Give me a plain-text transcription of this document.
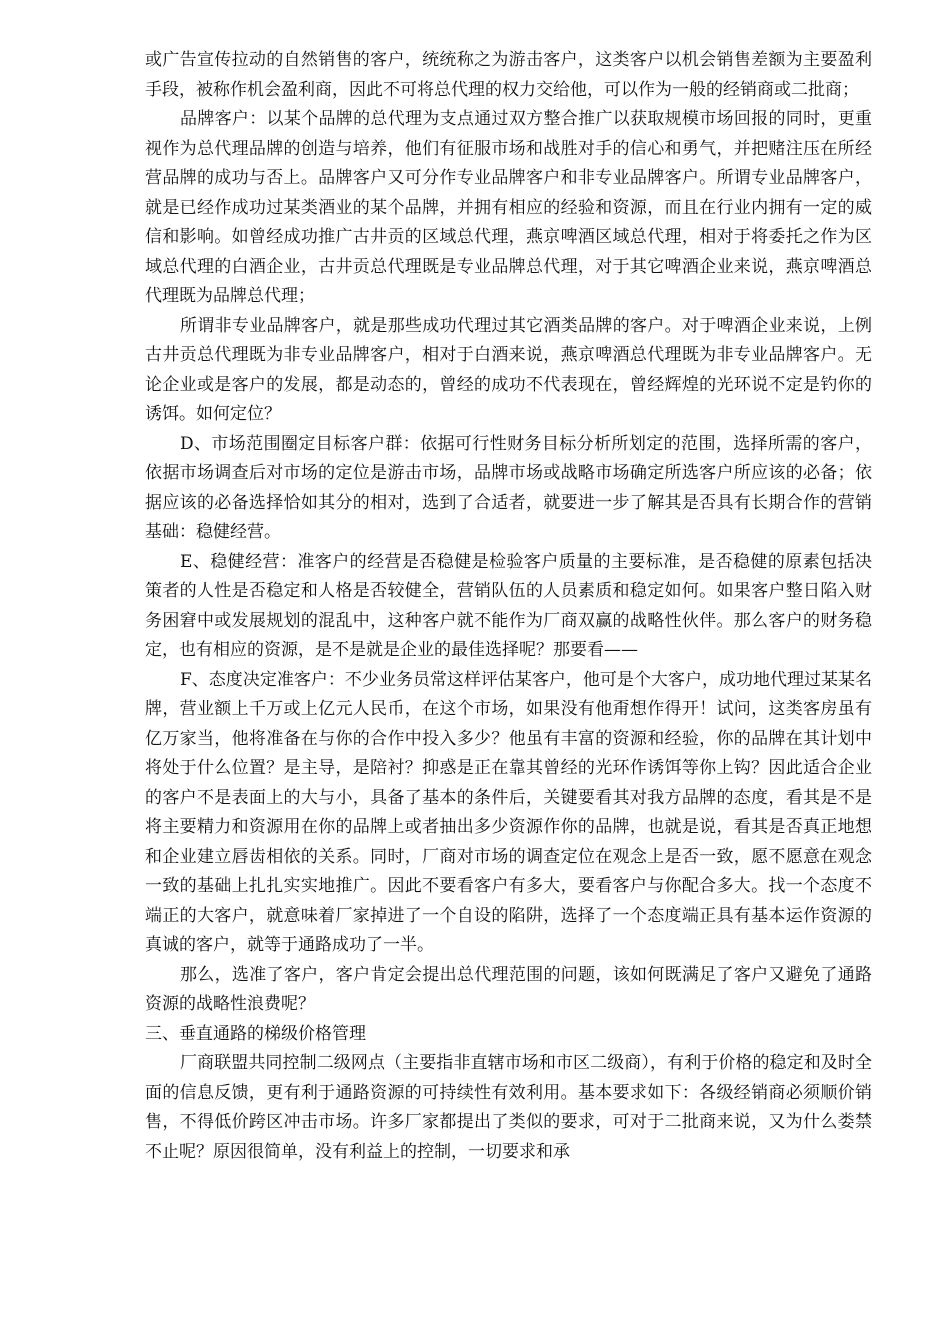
或广告宣传拉动的自然销售的客户，统统称之为游击客户，这类客户以机会销售差额为主要盈利手段，被称作机会盈利商，因此不可将总代理的权力交给他，可以作为一般的经销商或二批商；

品牌客户：以某个品牌的总代理为支点通过双方整合推广以获取规模市场回报的同时，更重视作为总代理品牌的创造与培养，他们有征服市场和战胜对手的信心和勇气，并把赌注压在所经营品牌的成功与否上。品牌客户又可分作专业品牌客户和非专业品牌客户。所谓专业品牌客户，就是已经作成功过某类酒业的某个品牌，并拥有相应的经验和资源，而且在行业内拥有一定的威信和影响。如曾经成功推广古井贡的区域总代理，燕京啤酒区域总代理，相对于将委托之作为区域总代理的白酒企业，古井贡总代理既是专业品牌总代理，对于其它啤酒企业来说，燕京啤酒总代理既为品牌总代理；

所谓非专业品牌客户，就是那些成功代理过其它酒类品牌的客户。对于啤酒企业来说，上例古井贡总代理既为非专业品牌客户，相对于白酒来说，燕京啤酒总代理既为非专业品牌客户。无论企业或是客户的发展，都是动态的，曾经的成功不代表现在，曾经辉煌的光环说不定是钓你的诱饵。如何定位？

D、市场范围圈定目标客户群：依据可行性财务目标分析所划定的范围，选择所需的客户，依据市场调查后对市场的定位是游击市场，品牌市场或战略市场确定所选客户所应该的必备；依据应该的必备选择恰如其分的相对，选到了合适者，就要进一步了解其是否具有长期合作的营销基础：稳健经营。

E、稳健经营：准客户的经营是否稳健是检验客户质量的主要标准，是否稳健的原素包括决策者的人性是否稳定和人格是否较健全，营销队伍的人员素质和稳定如何。如果客户整日陷入财务困窘中或发展规划的混乱中，这种客户就不能作为厂商双赢的战略性伙伴。那么客户的财务稳定，也有相应的资源，是不是就是企业的最佳选择呢？那要看——

F、态度决定准客户：不少业务员常这样评估某客户，他可是个大客户，成功地代理过某某名牌，营业额上千万或上亿元人民币，在这个市场，如果没有他甭想作得开！试问，这类客房虽有亿万家当，他将准备在与你的合作中投入多少？他虽有丰富的资源和经验，你的品牌在其计划中将处于什么位置？是主导，是陪衬？抑惑是正在靠其曾经的光环作诱饵等你上钩？因此适合企业的客户不是表面上的大与小，具备了基本的条件后，关键要看其对我方品牌的态度，看其是不是将主要精力和资源用在你的品牌上或者抽出多少资源作你的品牌，也就是说，看其是否真正地想和企业建立唇齿相依的关系。同时，厂商对市场的调查定位在观念上是否一致，愿不愿意在观念一致的基础上扎扎实实地推广。因此不要看客户有多大，要看客户与你配合多大。找一个态度不端正的大客户，就意味着厂家掉进了一个自设的陷阱，选择了一个态度端正具有基本运作资源的真诚的客户，就等于通路成功了一半。

那么，选准了客户，客户肯定会提出总代理范围的问题，该如何既满足了客户又避免了通路资源的战略性浪费呢？

三、垂直通路的梯级价格管理

厂商联盟共同控制二级网点（主要指非直辖市场和市区二级商），有利于价格的稳定和及时全面的信息反馈，更有利于通路资源的可持续性有效利用。基本要求如下：各级经销商必须顺价销售，不得低价跨区冲击市场。许多厂家都提出了类似的要求，可对于二批商来说，又为什么娄禁不止呢？原因很简单，没有利益上的控制，一切要求和承
